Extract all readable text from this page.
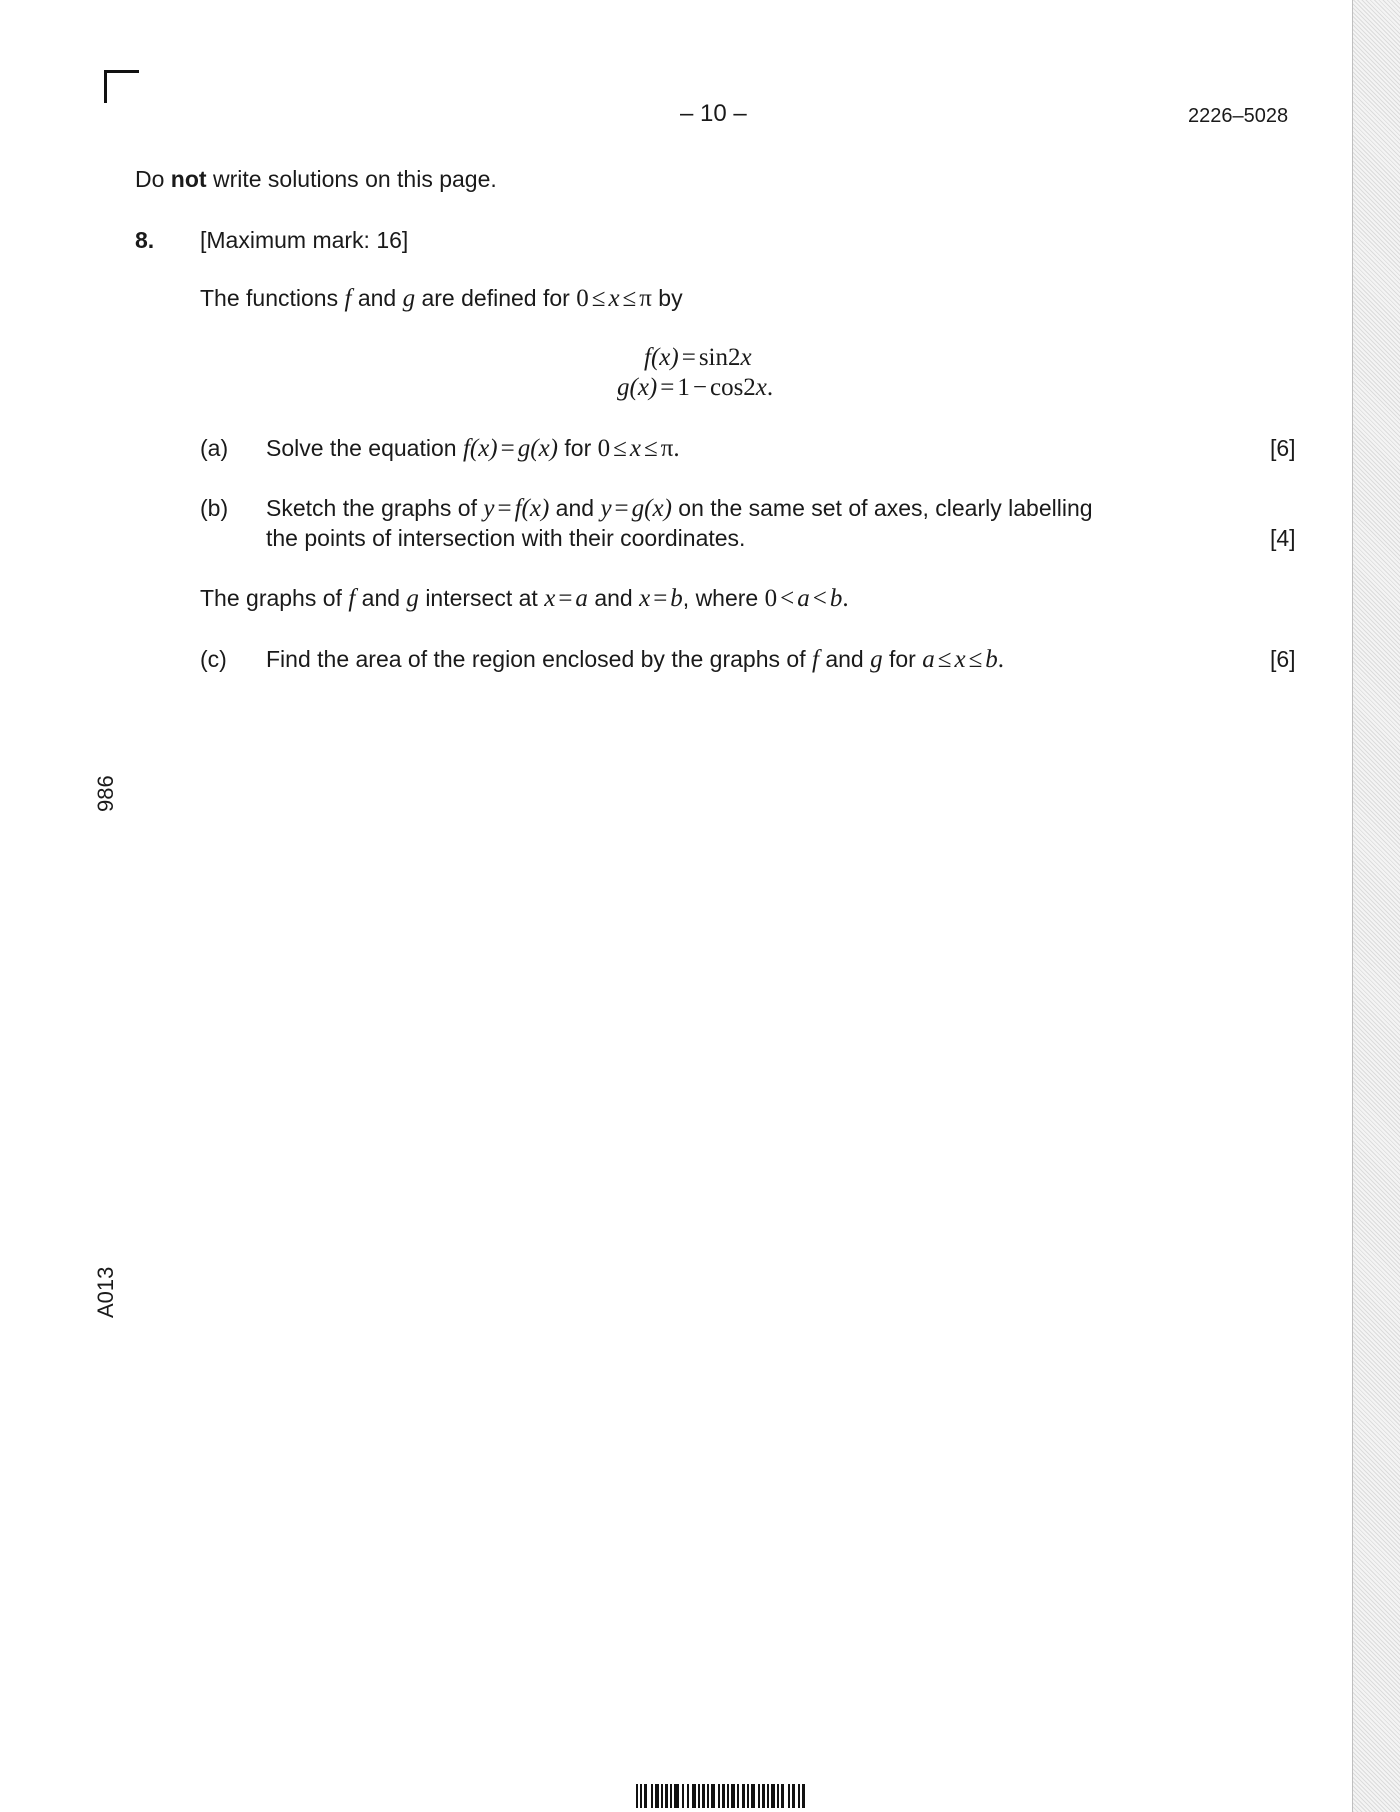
– 10 –	2226–5028
Do not write solutions on this page.
8. [Maximum mark: 16]
The functions f and g are defined for 0 ≤ x ≤ π by
f(x) = sin2x
g(x) = 1 − cos2x.
(a) Solve the equation f(x) = g(x) for 0 ≤ x ≤ π.	[6]
(b) Sketch the graphs of y = f(x) and y = g(x) on the same set of axes, clearly labelling
the points of intersection with their coordinates.	[4]
The graphs of f and g intersect at x = a and x = b, where 0 < a < b.
(c) Find the area of the region enclosed by the graphs of f and g for a ≤ x ≤ b.	[6]
986
A013
